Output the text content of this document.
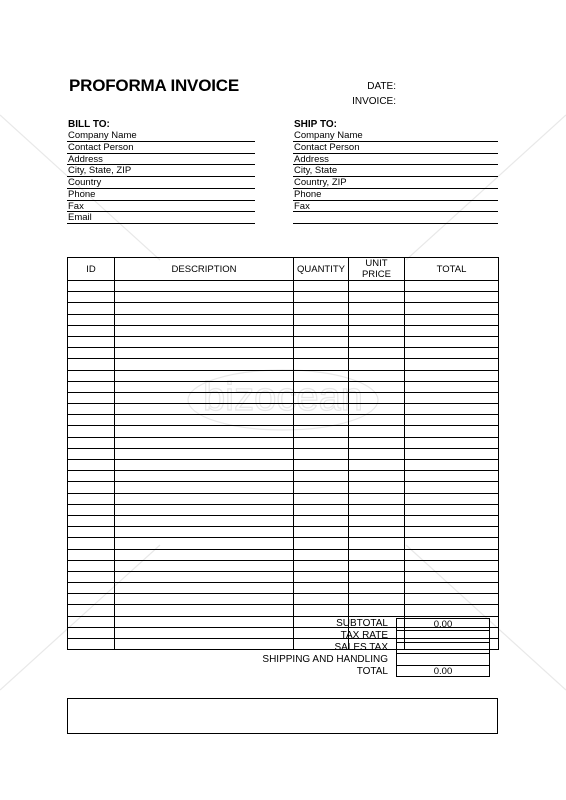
bizocean
PROFORMA INVOICE	DATE:
INVOICE:
BILL TO:
Company Name
Contact Person
Address
City, State, ZIP
Country
Phone
Fax
Email
SHIP TO:
Company Name
Contact Person
Address
City, State
Country, ZIP
Phone
Fax
ID	DESCRIPTION	QUANTITY	UNIT PRICE	TOTAL

SUBTOTAL	0.00
TAX RATE
SALES TAX
SHIPPING AND HANDLING
TOTAL	0.00
